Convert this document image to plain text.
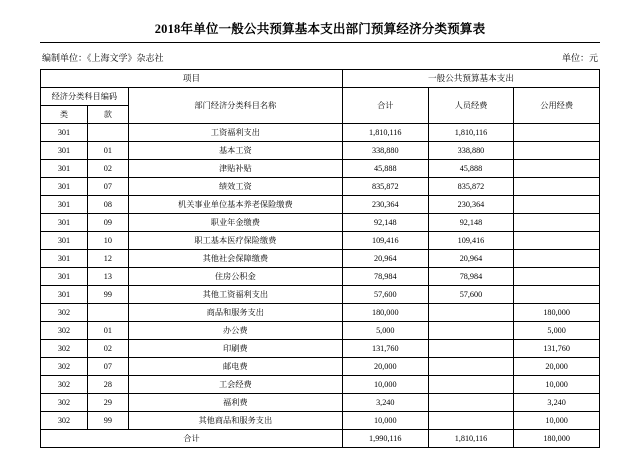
2018年单位一般公共预算基本支出部门预算经济分类预算表
编制单位：《上海文学》杂志社	单位：元
项目			一般公共预算基本支出		
经济分类科目编码		部门经济分类科目名称	合计	人员经费	公用经费
类	款				
301		工资福利支出	1,810,116	1,810,116	
301	01	基本工资	338,880	338,880	
301	02	津贴补贴	45,888	45,888	
301	07	绩效工资	835,872	835,872	
301	08	机关事业单位基本养老保险缴费	230,364	230,364	
301	09	职业年金缴费	92,148	92,148	
301	10	职工基本医疗保险缴费	109,416	109,416	
301	12	其他社会保障缴费	20,964	20,964	
301	13	住房公积金	78,984	78,984	
301	99	其他工资福利支出	57,600	57,600	
302		商品和服务支出	180,000		180,000
302	01	办公费	5,000		5,000
302	02	印刷费	131,760		131,760
302	07	邮电费	20,000		20,000
302	28	工会经费	10,000		10,000
302	29	福利费	3,240		3,240
302	99	其他商品和服务支出	10,000		10,000
合计			1,990,116	1,810,116	180,000
